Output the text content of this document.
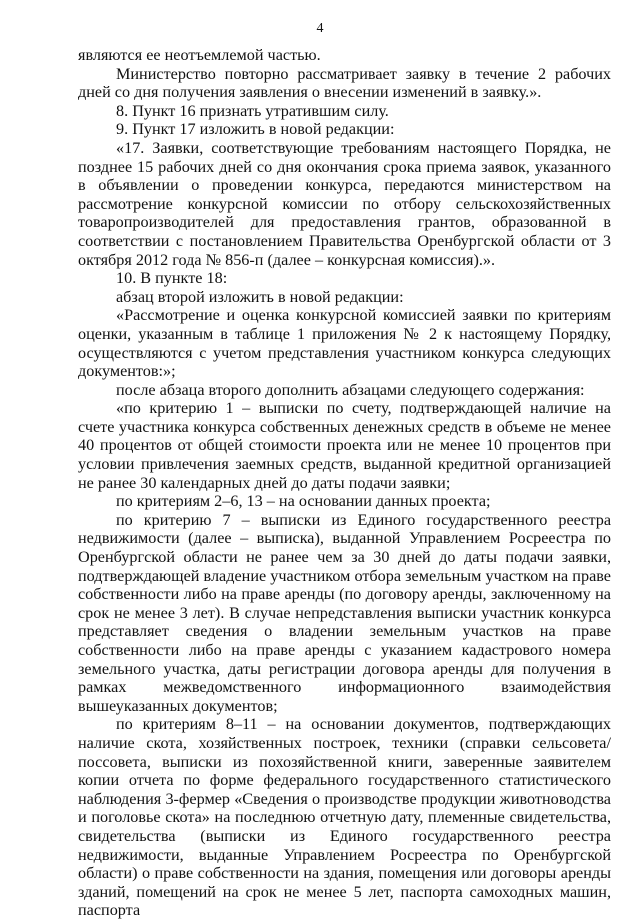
4

являются ее неотъемлемой частью.

Министерство повторно рассматривает заявку в течение 2 рабочих дней со дня получения заявления о внесении изменений в заявку.».

8. Пункт 16 признать утратившим силу.

9. Пункт 17 изложить в новой редакции:

«17. Заявки, соответствующие требованиям настоящего Порядка, не позднее 15 рабочих дней со дня окончания срока приема заявок, указанного в объявлении о проведении конкурса, передаются министерством на рассмотрение конкурсной комиссии по отбору сельскохозяйственных товаропроизводителей для предоставления грантов, образованной в соответствии с постановлением Правительства Оренбургской области от 3 октября 2012 года № 856-п (далее – конкурсная комиссия).».

10. В пункте 18:

абзац второй изложить в новой редакции:

«Рассмотрение и оценка конкурсной комиссией заявки по критериям оценки, указанным в таблице 1 приложения № 2 к настоящему Порядку, осуществляются с учетом представления участником конкурса следующих документов:»;

после абзаца второго дополнить абзацами следующего содержания:

«по критерию 1 – выписки по счету, подтверждающей наличие на счете участника конкурса собственных денежных средств в объеме не менее 40 процентов от общей стоимости проекта или не менее 10 процентов при условии привлечения заемных средств, выданной кредитной организацией не ранее 30 календарных дней до даты подачи заявки;

по критериям 2–6, 13 – на основании данных проекта;

по критерию 7 – выписки из Единого государственного реестра недвижимости (далее – выписка), выданной Управлением Росреестра по Оренбургской области не ранее чем за 30 дней до даты подачи заявки, подтверждающей владение участником отбора земельным участком на праве собственности либо на праве аренды (по договору аренды, заключенному на срок не менее 3 лет). В случае непредставления выписки участник конкурса представляет сведения о владении земельным участков на праве собственности либо на праве аренды с указанием кадастрового номера земельного участка, даты регистрации договора аренды для получения в рамках межведомственного информационного взаимодействия вышеуказанных документов;

по критериям 8–11 – на основании документов, подтверждающих наличие скота, хозяйственных построек, техники (справки сельсовета/поссовета, выписки из похозяйственной книги, заверенные заявителем копии отчета по форме федерального государственного статистического наблюдения 3-фермер «Сведения о производстве продукции животноводства и поголовье скота» на последнюю отчетную дату, племенные свидетельства, свидетельства (выписки из Единого государственного реестра недвижимости, выданные Управлением Росреестра по Оренбургской области) о праве собственности на здания, помещения или договоры аренды зданий, помещений на срок не менее 5 лет, паспорта самоходных машин, паспорта
